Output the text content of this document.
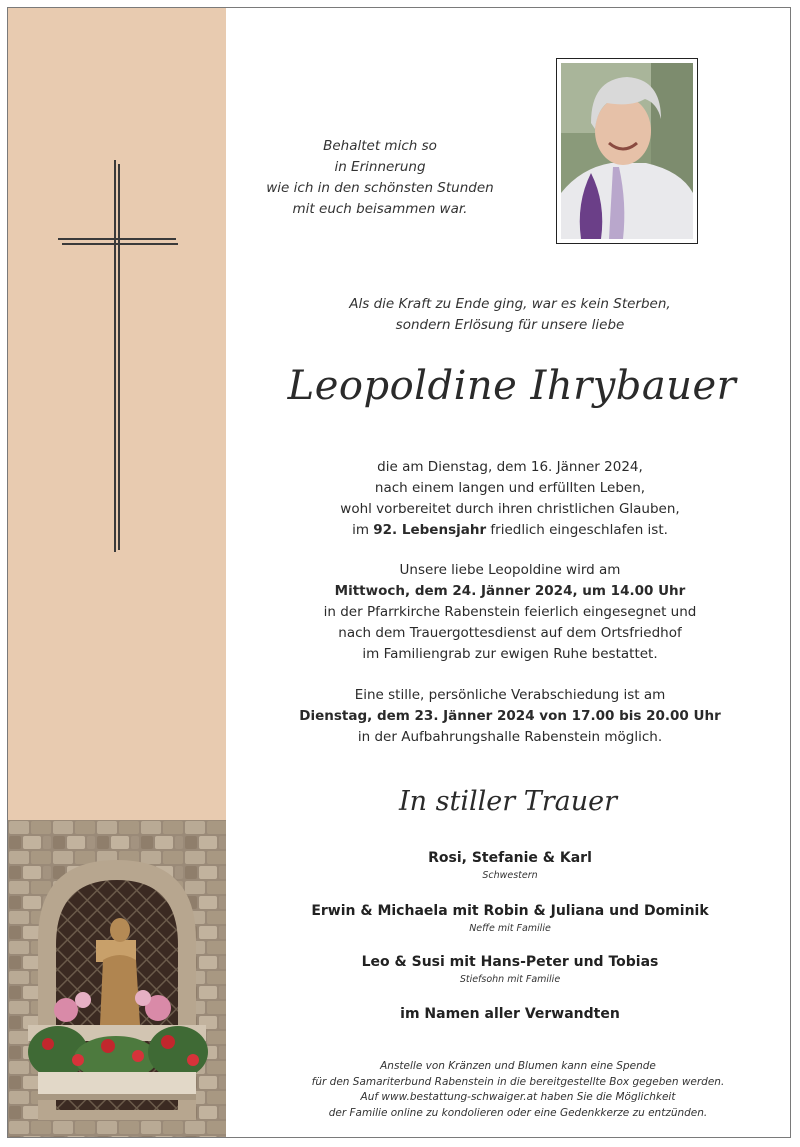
Behaltet mich so
in Erinnerung
wie ich in den schönsten Stunden
mit euch beisammen war.
Als die Kraft zu Ende ging, war es kein Sterben,
sondern Erlösung für unsere liebe
Leopoldine Ihrybauer
die am Dienstag, dem 16. Jänner 2024,
nach einem langen und erfüllten Leben,
wohl vorbereitet durch ihren christlichen Glauben,
im 92. Lebensjahr friedlich eingeschlafen ist.
Unsere liebe Leopoldine wird am
Mittwoch, dem 24. Jänner 2024, um 14.00 Uhr
in der Pfarrkirche Rabenstein feierlich eingesegnet und
nach dem Trauergottesdienst auf dem Ortsfriedhof
im Familiengrab zur ewigen Ruhe bestattet.
Eine stille, persönliche Verabschiedung ist am
Dienstag, dem 23. Jänner 2024 von 17.00 bis 20.00 Uhr
in der Aufbahrungshalle Rabenstein möglich.
In stiller Trauer
Rosi, Stefanie & Karl
Schwestern
Erwin & Michaela mit Robin & Juliana und Dominik
Neffe mit Familie
Leo & Susi mit Hans-Peter und Tobias
Stiefsohn mit Familie
im Namen aller Verwandten
Anstelle von Kränzen und Blumen kann eine Spende
für den Samariterbund Rabenstein in die bereitgestellte Box gegeben werden.
Auf www.bestattung-schwaiger.at haben Sie die Möglichkeit
der Familie online zu kondolieren oder eine Gedenkkerze zu entzünden.
